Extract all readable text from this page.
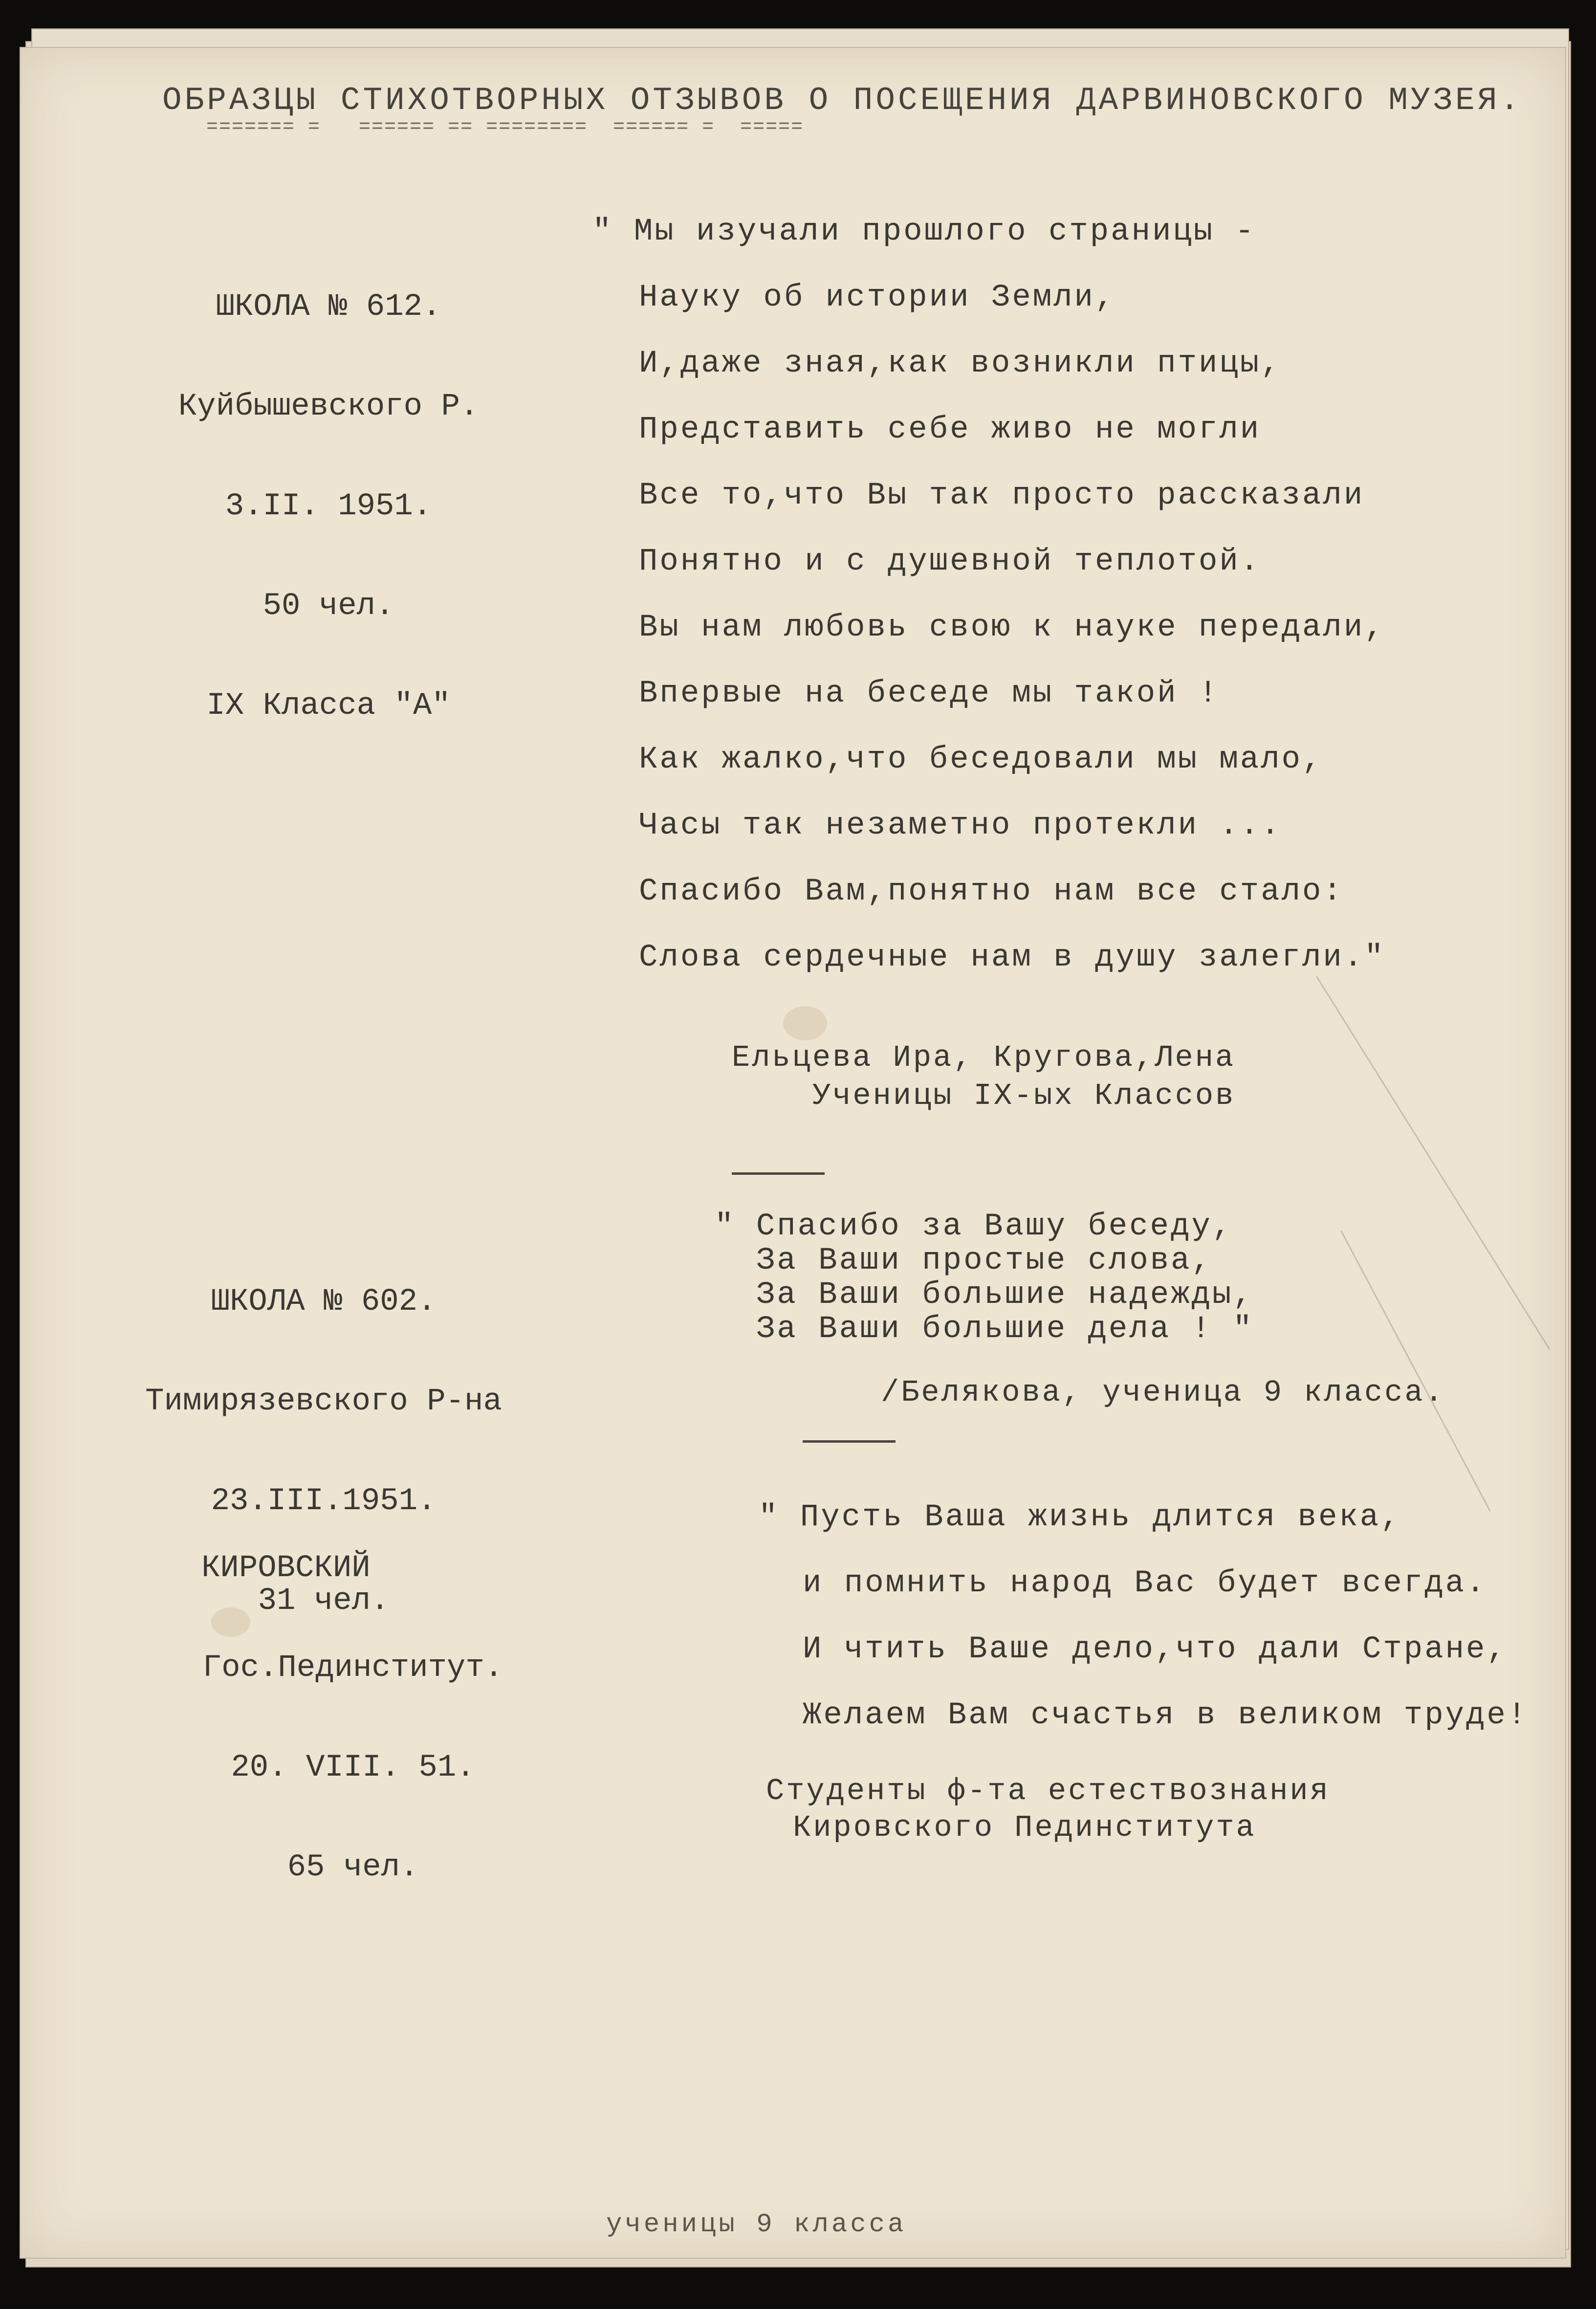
ОБРАЗЦЫ СТИХОТВОРНЫХ ОТЗЫВОВ О ПОСЕЩЕНИЯ ДАРВИНОВСКОГО МУЗЕЯ.
======= =   ====== == ========  ====== =  =====

ШКОЛА № 612.

Куйбышевского Р.

3.II. 1951.

50 чел.

IX Класса "А"

" Мы изучали прошлого страницы -
Науку об истории Земли,
И,даже зная,как возникли птицы,
Представить себе живо не могли
Все то,что Вы так просто рассказали
Понятно и с душевной теплотой.
Вы нам любовь свою к науке передали,
Впервые на беседе мы такой !
Как жалко,что беседовали мы мало,
Часы так незаметно протекли ...
Спасибо Вам,понятно нам все стало:
Слова сердечные нам в душу залегли."
Ельцева Ира, Кругова,Лена
Ученицы IX-ых Классов

ШКОЛА № 602.

Тимирязевского Р-на

23.III.1951.

31 чел.

" Спасибо за Вашу беседу,
За Ваши простые слова,
За Ваши большие надежды,
За Ваши большие дела ! "
/Белякова, ученица 9 класса.

КИРОВСКИЙ

Гос.Пединститут.

20. VIII. 51.

65 чел.

" Пусть Ваша жизнь длится века,
и помнить народ Вас будет всегда.
И чтить Ваше дело,что дали Стране,
Желаем Вам счастья в великом труде!
Студенты ф-та естествознания
Кировского Пединститута
ученицы 9 класса
